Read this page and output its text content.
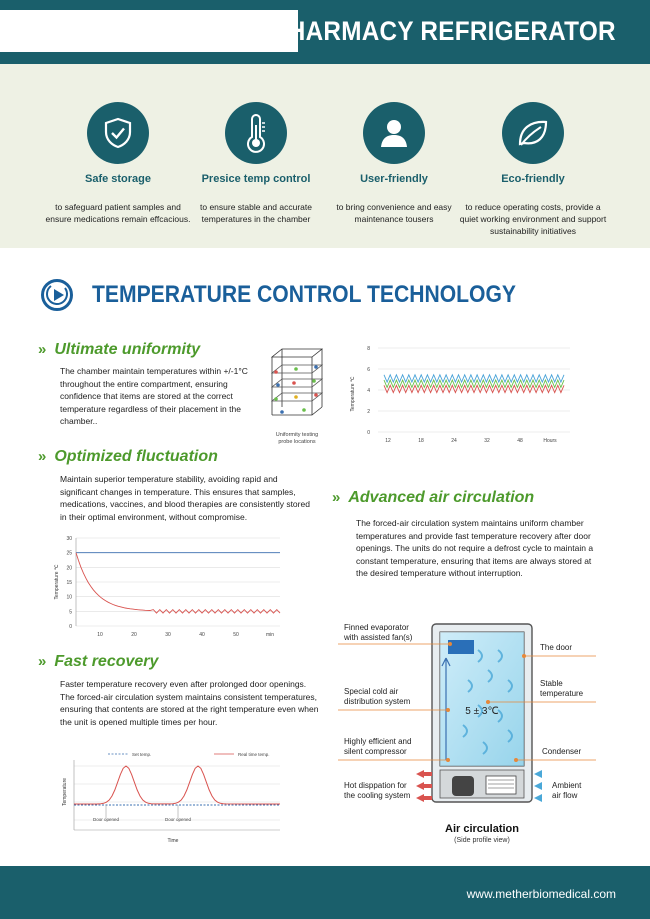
PHARMACY REFRIGERATOR
Safe storage
to safeguard patient samples and ensure medications remain effcacious.
Presice temp control
to ensure stable and accurate temperatures in the chamber
User-friendly
to bring convenience and easy maintenance tousers
Eco-friendly
to reduce operating costs, provide a quiet working environment and support sustainability initiatives
TEMPERATURE CONTROL TECHNOLOGY
» Ultimate uniformity
The chamber maintain temperatures within +/-1°C throughout the entire compartment, ensuring confidence that items are stored at the correct temperature regardless of their placement in the chamber..
Uniformity testing
probe locations
0
2
4
6
8
12	18	24	32	48	Hours
Temperature ℃
» Optimized fluctuation
Maintain superior temperature stability, avoiding rapid and significant changes in temperature. This ensures that samples, medications, vaccines, and blood therapies are consistently stored in their optimal environment, without compromise.
0
5
10
15
20
25
30
10	20	30	40	50	min
Temperature ℃
» Advanced air circulation
The forced-air circulation system maintains uniform chamber temperatures and provide fast temperature recovery after door openings. The units do not require a defrost cycle to maintain a constant temperature, ensuring that items are always stored at the desired temperature without interruption.
» Fast recovery
Faster temperature recovery even after prolonged door openings. The forced-air circulation system maintains consistent temperatures, ensuring that contents are stored at the right temperature even when the unit is opened multiple times per hour.
Set temp.	Real time temp.
Door opened	Door opened
Temperature
Time
5 ± 3℃
Finned evaporator
with assisted fan(s)
The door
Stable
temperature
Special cold air
distribution system
Highly efficient and
silent compressor	Condenser
Hot disppation for
the cooling system
Ambient
air flow
Air circulation
(Side profile view)
www.metherbiomedical.com
